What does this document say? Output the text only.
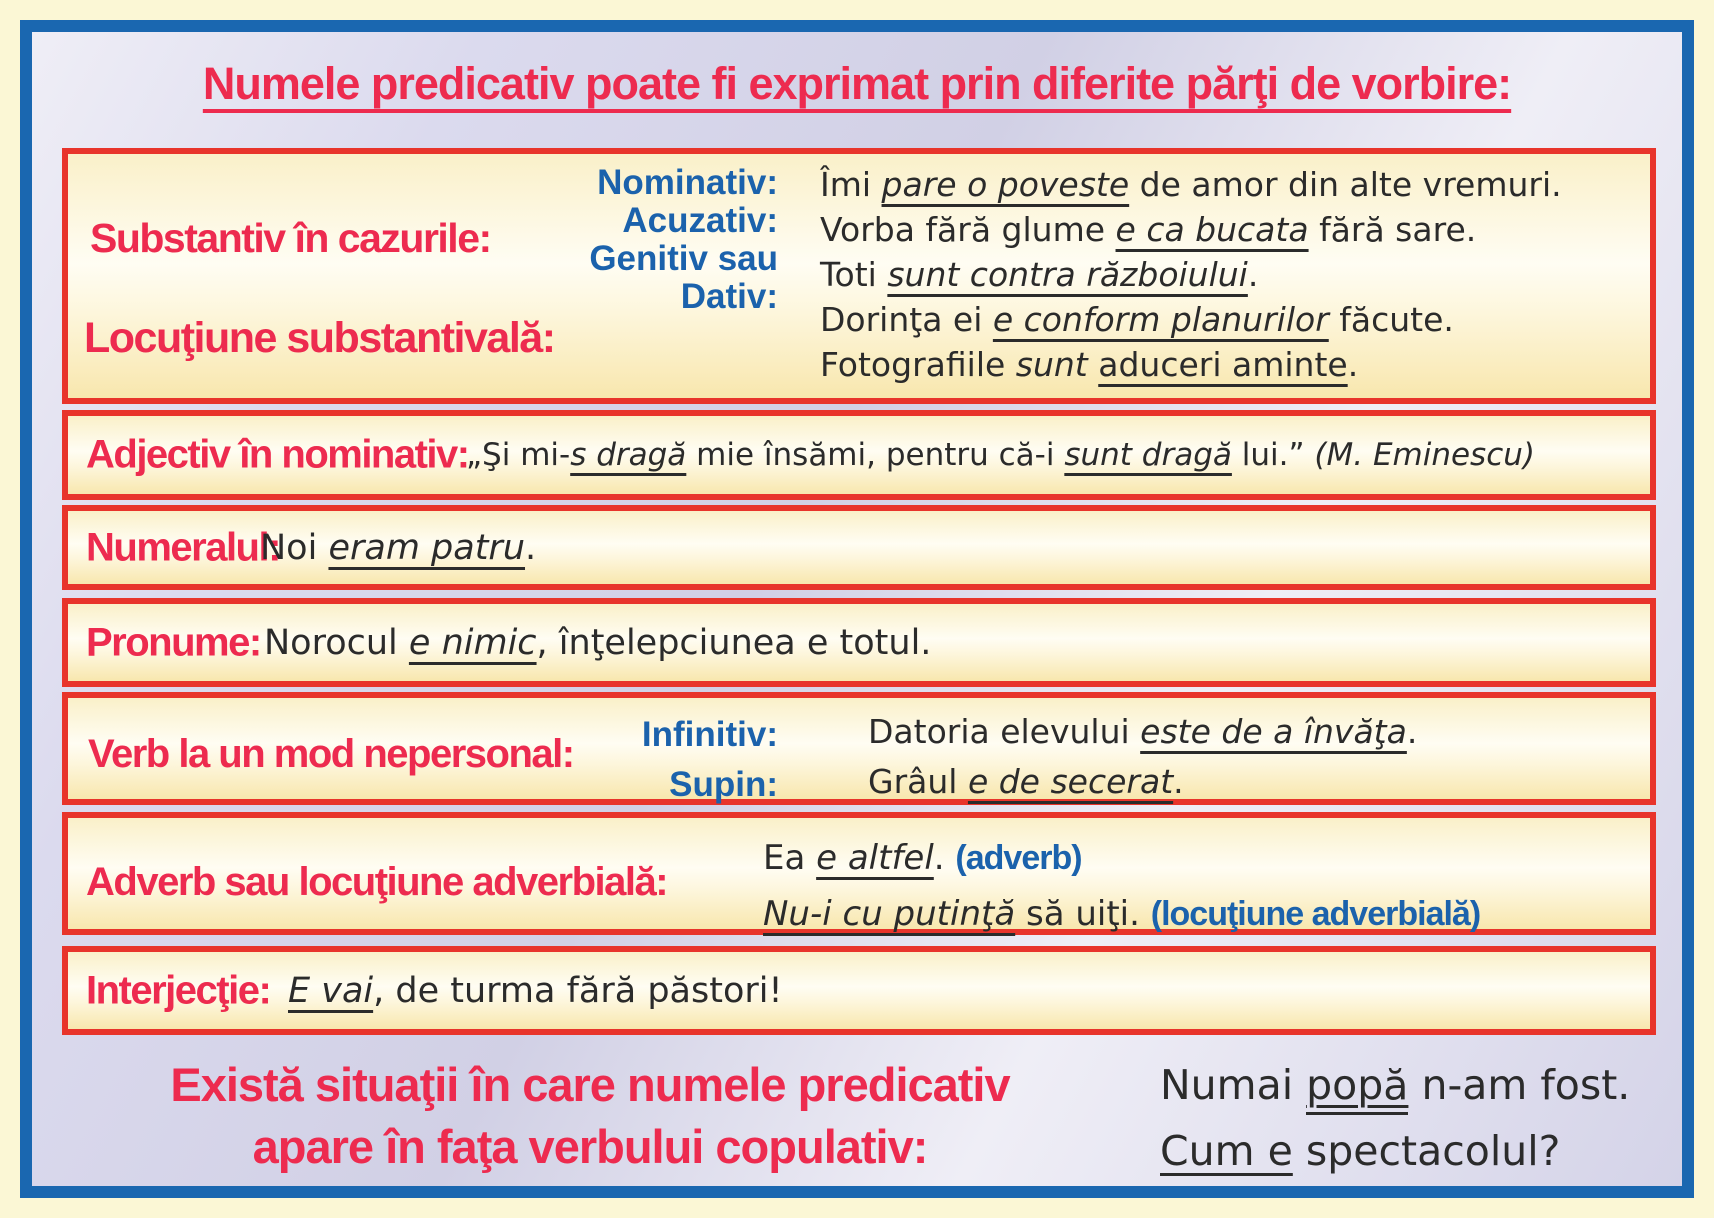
Numele predicativ poate fi exprimat prin diferite părţi de vorbire:
Substantiv în cazurile:
Locuţiune substantivală:
Nominativ:
Acuzativ:
Genitiv sau
Dativ:
Îmi pare o poveste de amor din alte vremuri.
Vorba fără glume e ca bucata fără sare.
Toti sunt contra războiului.
Dorinţa ei e conform planurilor făcute.
Fotografiile sunt aduceri aminte.
Adjectiv în nominativ:
„Şi mi-s dragă mie însămi, pentru că-i sunt dragă lui.” (M. Eminescu)
Numeralul:
Noi eram patru.
Pronume: Norocul e nimic, înţelepciunea e totul.
Verb la un mod nepersonal:	Infinitiv:
Supin:
Datoria elevului este de a învăţa.
Grâul e de secerat.
Adverb sau locuţiune adverbială:
Ea e altfel. (adverb)
Nu-i cu putinţă să uiţi. (locuţiune adverbială)
Interjecţie: E vai, de turma fără păstori!
Există situaţii în care numele predicativ
apare în faţa verbului copulativ:
Numai popă n-am fost.
Cum e spectacolul?
